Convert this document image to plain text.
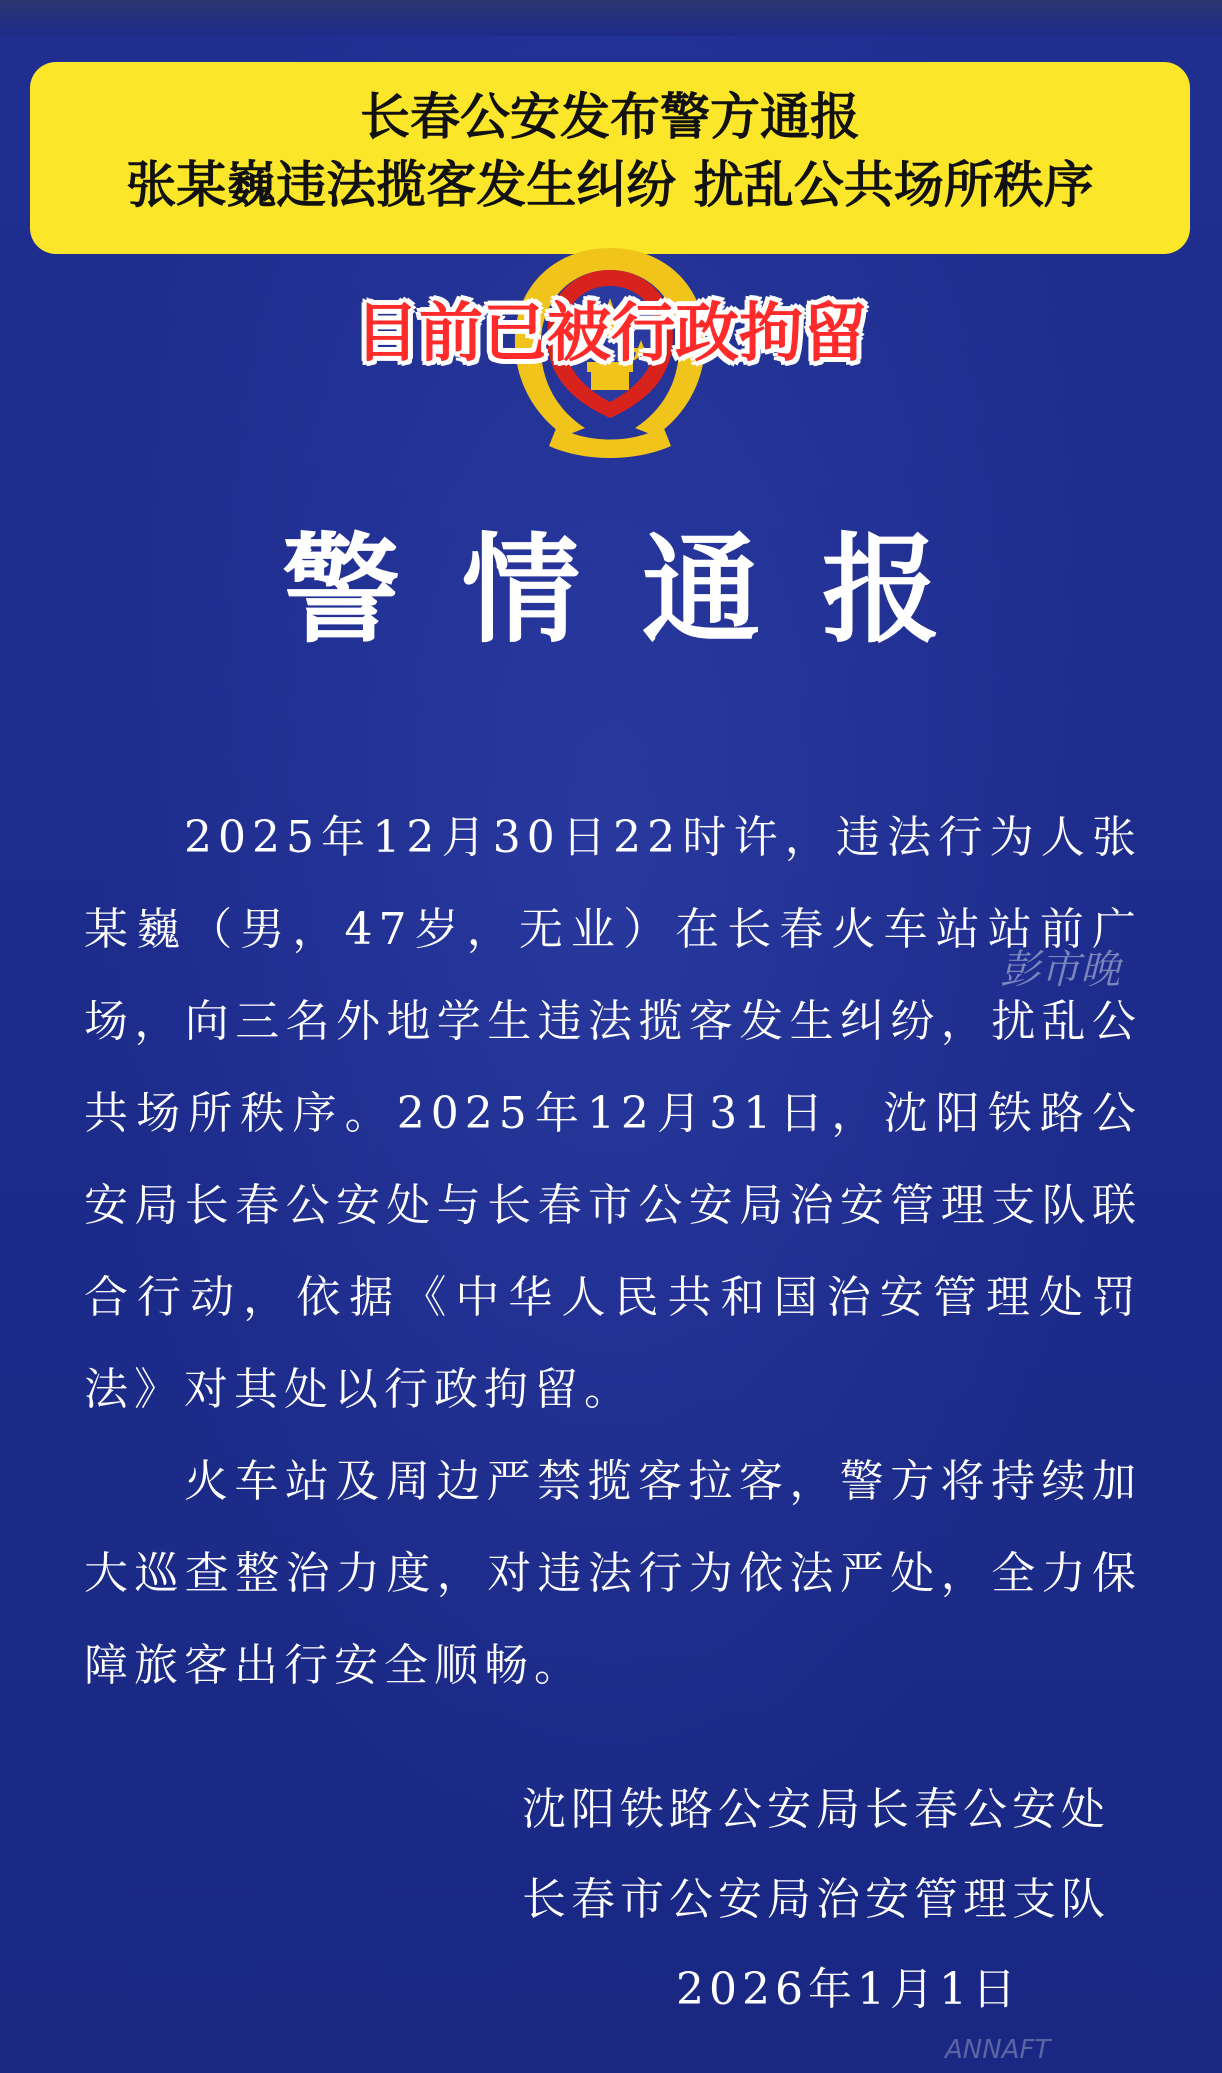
长春公安发布警方通报
张某巍违法揽客发生纠纷 扰乱公共场所秩序
目前已被行政拘留
警情通报

2025年12月30日22时许，违法行为人张某巍（男，47岁，无业）在长春火车站站前广场，向三名外地学生违法揽客发生纠纷，扰乱公共场所秩序。2025年12月31日，沈阳铁路公安局长春公安处与长春市公安局治安管理支队联合行动，依据《中华人民共和国治安管理处罚法》对其处以行政拘留。

火车站及周边严禁揽客拉客，警方将持续加大巡查整治力度，对违法行为依法严处，全力保障旅客出行安全顺畅。

彭市晚
沈阳铁路公安局长春公安处
长春市公安局治安管理支队
2026年1月1日
ANNAFT
